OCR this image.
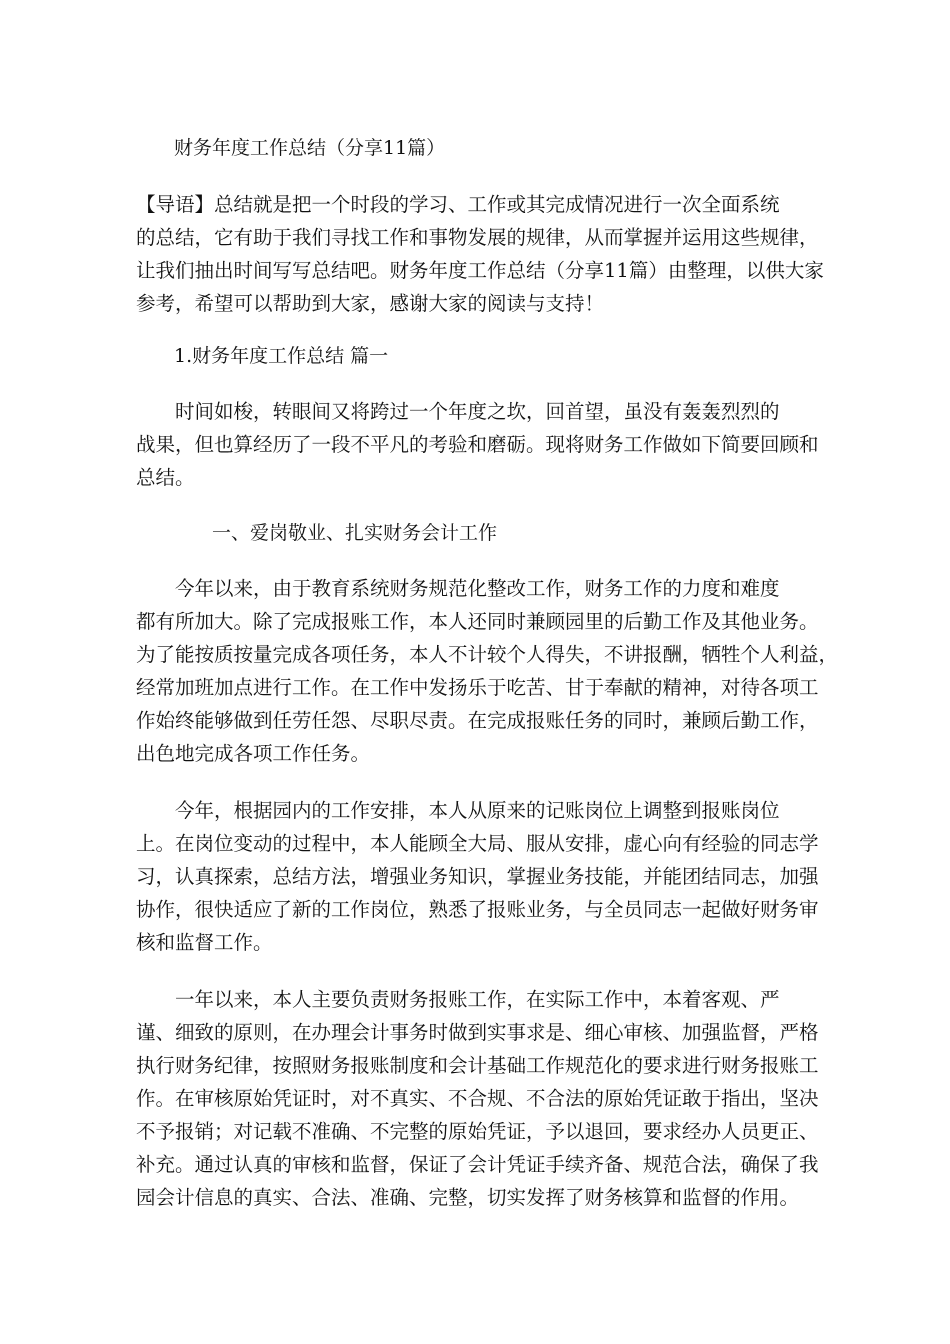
财务年度工作总结（分享11篇）
【导语】总结就是把一个时段的学习、工作或其完成情况进行一次全面系统
的总结，它有助于我们寻找工作和事物发展的规律，从而掌握并运用这些规律，
让我们抽出时间写写总结吧。财务年度工作总结（分享11篇）由整理，以供大家
参考，希望可以帮助到大家，感谢大家的阅读与支持！
1.财务年度工作总结 篇一
　　时间如梭，转眼间又将跨过一个年度之坎，回首望，虽没有轰轰烈烈的
战果，但也算经历了一段不平凡的考验和磨砺。现将财务工作做如下简要回顾和
总结。
一、爱岗敬业、扎实财务会计工作
　　今年以来，由于教育系统财务规范化整改工作，财务工作的力度和难度
都有所加大。除了完成报账工作，本人还同时兼顾园里的后勤工作及其他业务。
为了能按质按量完成各项任务，本人不计较个人得失，不讲报酬，牺牲个人利益，
经常加班加点进行工作。在工作中发扬乐于吃苦、甘于奉献的精神，对待各项工
作始终能够做到任劳任怨、尽职尽责。在完成报账任务的同时，兼顾后勤工作，
出色地完成各项工作任务。
　　今年，根据园内的工作安排，本人从原来的记账岗位上调整到报账岗位
上。在岗位变动的过程中，本人能顾全大局、服从安排，虚心向有经验的同志学
习，认真探索，总结方法，增强业务知识，掌握业务技能，并能团结同志，加强
协作，很快适应了新的工作岗位，熟悉了报账业务，与全员同志一起做好财务审
核和监督工作。
　　一年以来，本人主要负责财务报账工作，在实际工作中，本着客观、严
谨、细致的原则，在办理会计事务时做到实事求是、细心审核、加强监督，严格
执行财务纪律，按照财务报账制度和会计基础工作规范化的要求进行财务报账工
作。在审核原始凭证时，对不真实、不合规、不合法的原始凭证敢于指出，坚决
不予报销；对记载不准确、不完整的原始凭证，予以退回，要求经办人员更正、
补充。通过认真的审核和监督，保证了会计凭证手续齐备、规范合法，确保了我
园会计信息的真实、合法、准确、完整，切实发挥了财务核算和监督的作用。
